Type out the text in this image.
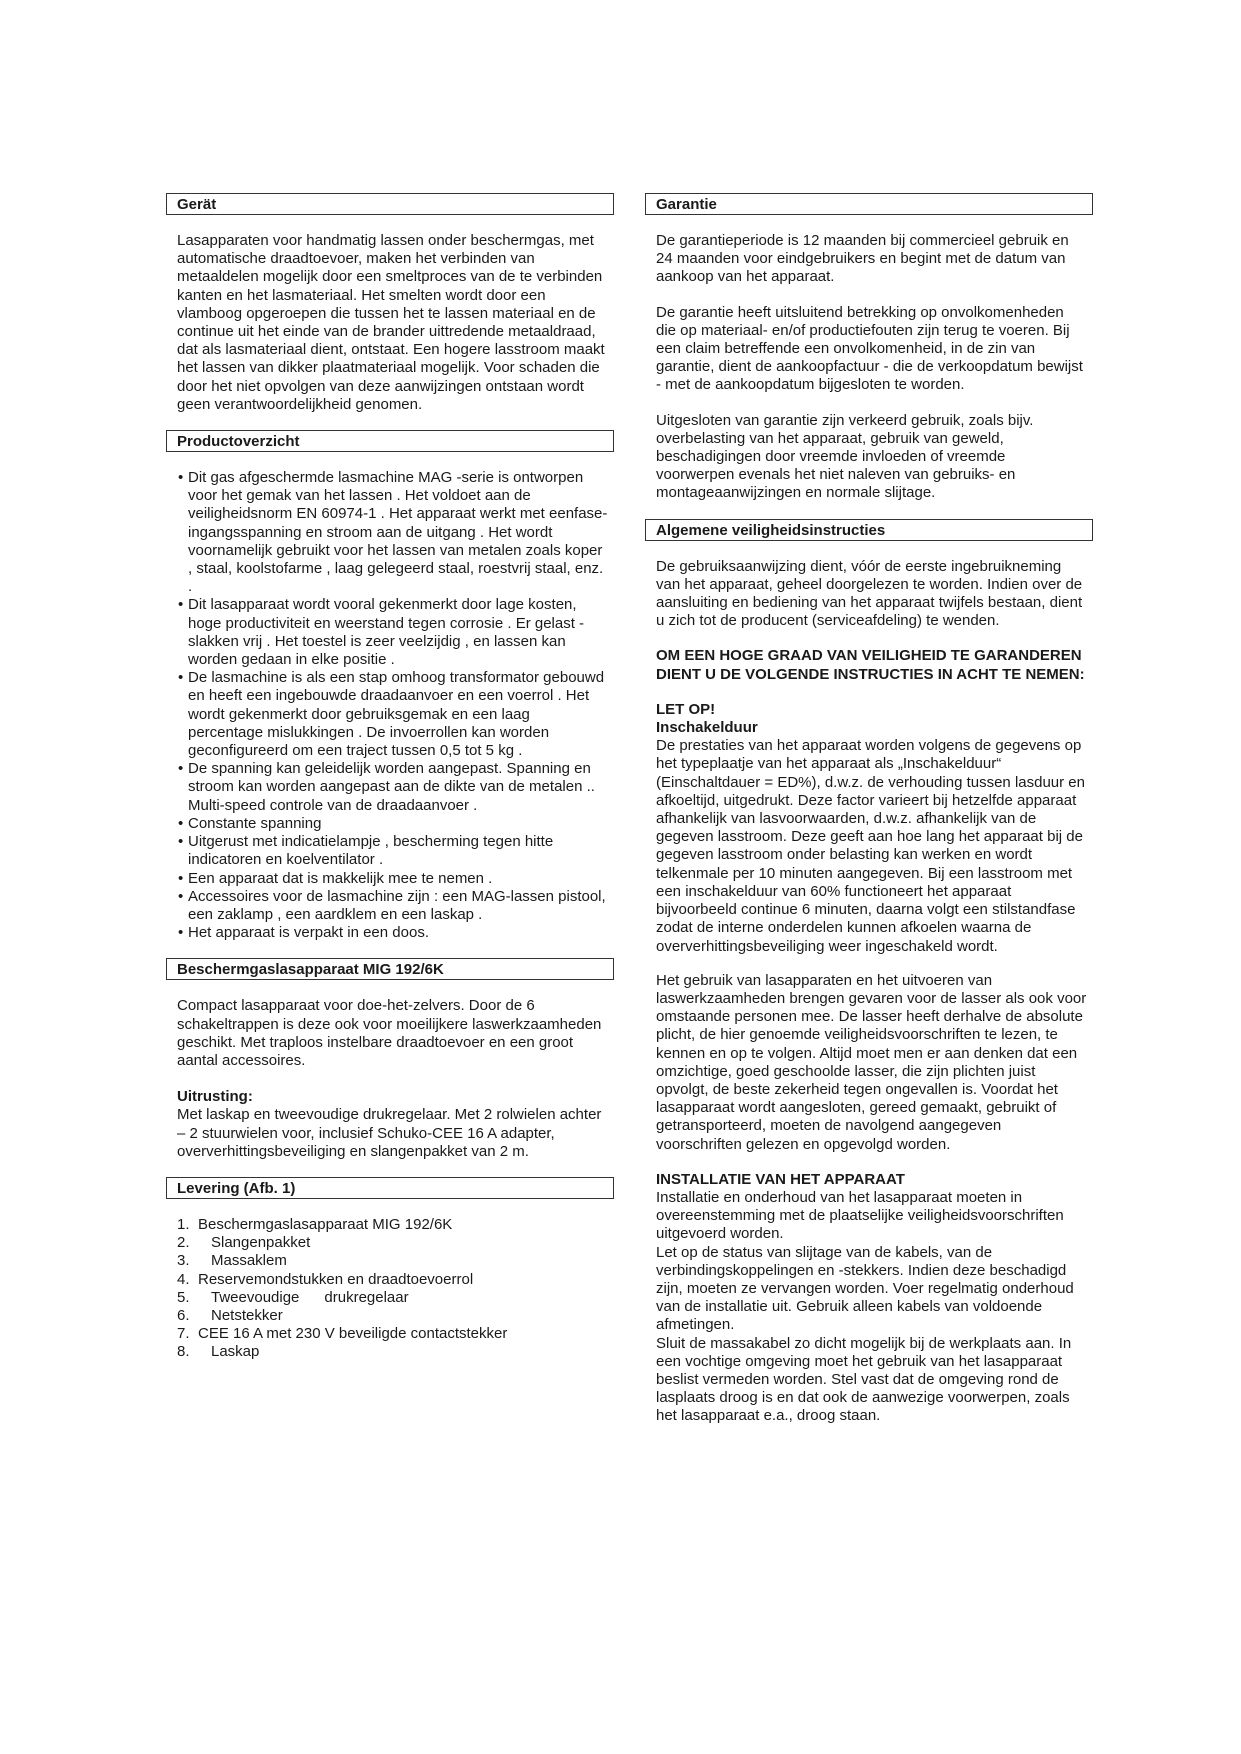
Gerät

Lasapparaten voor handmatig lassen onder beschermgas, met automatische draadtoevoer, maken het verbinden van metaaldelen mogelijk door een smeltproces van de te verbinden kanten en het lasmateriaal. Het smelten wordt door een vlamboog opgeroepen die tussen het te lassen materiaal en de continue uit het einde van de brander uittredende metaaldraad, dat als lasmateriaal dient, ontstaat. Een hogere lasstroom maakt het lassen van dikker plaatmateriaal mogelijk. Voor schaden die door het niet opvolgen van deze aanwijzingen ontstaan wordt geen verantwoordelijkheid genomen.

Productoverzicht
• Dit gas afgeschermde lasmachine MAG -serie is ontworpen voor het gemak van het lassen . Het voldoet aan de veiligheidsnorm EN 60974-1 . Het apparaat werkt met eenfase- ingangsspanning en stroom aan de uitgang . Het wordt voornamelijk gebruikt voor het lassen van metalen zoals koper , staal, koolstofarme , laag gelegeerd staal, roestvrij staal, enz. .
• Dit lasapparaat wordt vooral gekenmerkt door lage kosten, hoge productiviteit en weerstand tegen corrosie . Er gelast - slakken vrij . Het toestel is zeer veelzijdig , en lassen kan worden gedaan in elke positie .
• De lasmachine is als een stap omhoog transformator gebouwd en heeft een ingebouwde draadaanvoer en een voerrol . Het wordt gekenmerkt door gebruiksgemak en een laag percentage mislukkingen . De invoerrollen kan worden geconfigureerd om een traject tussen 0,5 tot 5 kg .
• De spanning kan geleidelijk worden aangepast. Spanning en stroom kan worden aangepast aan de dikte van de metalen .. Multi-speed controle van de draadaanvoer .
• Constante spanning
• Uitgerust met indicatielampje , bescherming tegen hitte indicatoren en koelventilator .
• Een apparaat dat is makkelijk mee te nemen .
• Accessoires voor de lasmachine zijn : een MAG-lassen pistool, een zaklamp , een aardklem en een laskap .
• Het apparaat is verpakt in een doos.
Beschermgaslasapparaat MIG 192/6K

Compact lasapparaat voor doe-het-zelvers. Door de 6 schakeltrappen is deze ook voor moeilijkere laswerkzaamheden geschikt. Met traploos instelbare draadtoevoer en een groot aantal accessoires.

Uitrusting:

Met laskap en tweevoudige drukregelaar. Met 2 rolwielen achter – 2 stuurwielen voor, inclusief Schuko-CEE 16 A adapter, oververhittingsbeveiliging en slangenpakket van 2 m.

Levering (Afb. 1)
1. Beschermgaslasapparaat MIG 192/6K
2. Slangenpakket
3. Massaklem
4. Reservemondstukken en draadtoevoerrol
5. Tweevoudige      drukregelaar
6. Netstekker
7. CEE 16 A met 230 V beveiligde contactstekker
8. Laskap
Garantie

De garantieperiode is 12 maanden bij commercieel gebruik en 24 maanden voor eindgebruikers en begint met de datum van aankoop van het apparaat.

De garantie heeft uitsluitend betrekking op onvolkomenheden die op materiaal- en/of productiefouten zijn terug te voeren. Bij een claim betreffende een onvolkomenheid, in de zin van garantie, dient de aankoopfactuur - die de verkoopdatum bewijst - met de aankoopdatum bijgesloten te worden.

Uitgesloten van garantie zijn verkeerd gebruik, zoals bijv. overbelasting van het apparaat, gebruik van geweld, beschadigingen door vreemde invloeden of vreemde voorwerpen evenals het niet naleven van gebruiks- en montageaanwijzingen en normale slijtage.

Algemene veiligheidsinstructies

De gebruiksaanwijzing dient, vóór de eerste ingebruikneming van het apparaat, geheel doorgelezen te worden. Indien over de aansluiting en bediening van het apparaat twijfels bestaan, dient u zich tot de producent (serviceafdeling) te wenden.

OM EEN HOGE GRAAD VAN VEILIGHEID TE GARANDEREN DIENT U DE VOLGENDE INSTRUCTIES IN ACHT TE NEMEN:

LET OP!

Inschakelduur

De prestaties van het apparaat worden volgens de gegevens op het typeplaatje van het apparaat als „Inschakelduur“ (Einschaltdauer = ED%), d.w.z. de verhouding tussen lasduur en afkoeltijd, uitgedrukt. Deze factor varieert bij hetzelfde apparaat afhankelijk van lasvoorwaarden, d.w.z. afhankelijk van de gegeven lasstroom. Deze geeft aan hoe lang het apparaat bij de gegeven lasstroom onder belasting kan werken en wordt telkenmale per 10 minuten aangegeven. Bij een lasstroom met een inschakelduur van 60% functioneert het apparaat bijvoorbeeld continue 6 minuten, daarna volgt een stilstandfase zodat de interne onderdelen kunnen afkoelen waarna de oververhittingsbeveiliging weer ingeschakeld wordt.

Het gebruik van lasapparaten en het uitvoeren van laswerkzaamheden brengen gevaren voor de lasser als ook voor omstaande personen mee. De lasser heeft derhalve de absolute plicht, de hier genoemde veiligheidsvoorschriften te lezen, te kennen en op te volgen. Altijd moet men er aan denken dat een omzichtige, goed geschoolde lasser, die zijn plichten juist opvolgt, de beste zekerheid tegen ongevallen is. Voordat het lasapparaat wordt aangesloten, gereed gemaakt, gebruikt of getransporteerd, moeten de navolgend aangegeven voorschriften gelezen en opgevolgd worden.

INSTALLATIE VAN HET APPARAAT

Installatie en onderhoud van het lasapparaat moeten in overeenstemming met de plaatselijke veiligheidsvoorschriften uitgevoerd worden.

Let op de status van slijtage van de kabels, van de verbindingskoppelingen en -stekkers. Indien deze beschadigd zijn, moeten ze vervangen worden. Voer regelmatig onderhoud van de installatie uit. Gebruik alleen kabels van voldoende afmetingen.

Sluit de massakabel zo dicht mogelijk bij de werkplaats aan. In een vochtige omgeving moet het gebruik van het lasapparaat beslist vermeden worden. Stel vast dat de omgeving rond de lasplaats droog is en dat ook de aanwezige voorwerpen, zoals het lasapparaat e.a., droog staan.
